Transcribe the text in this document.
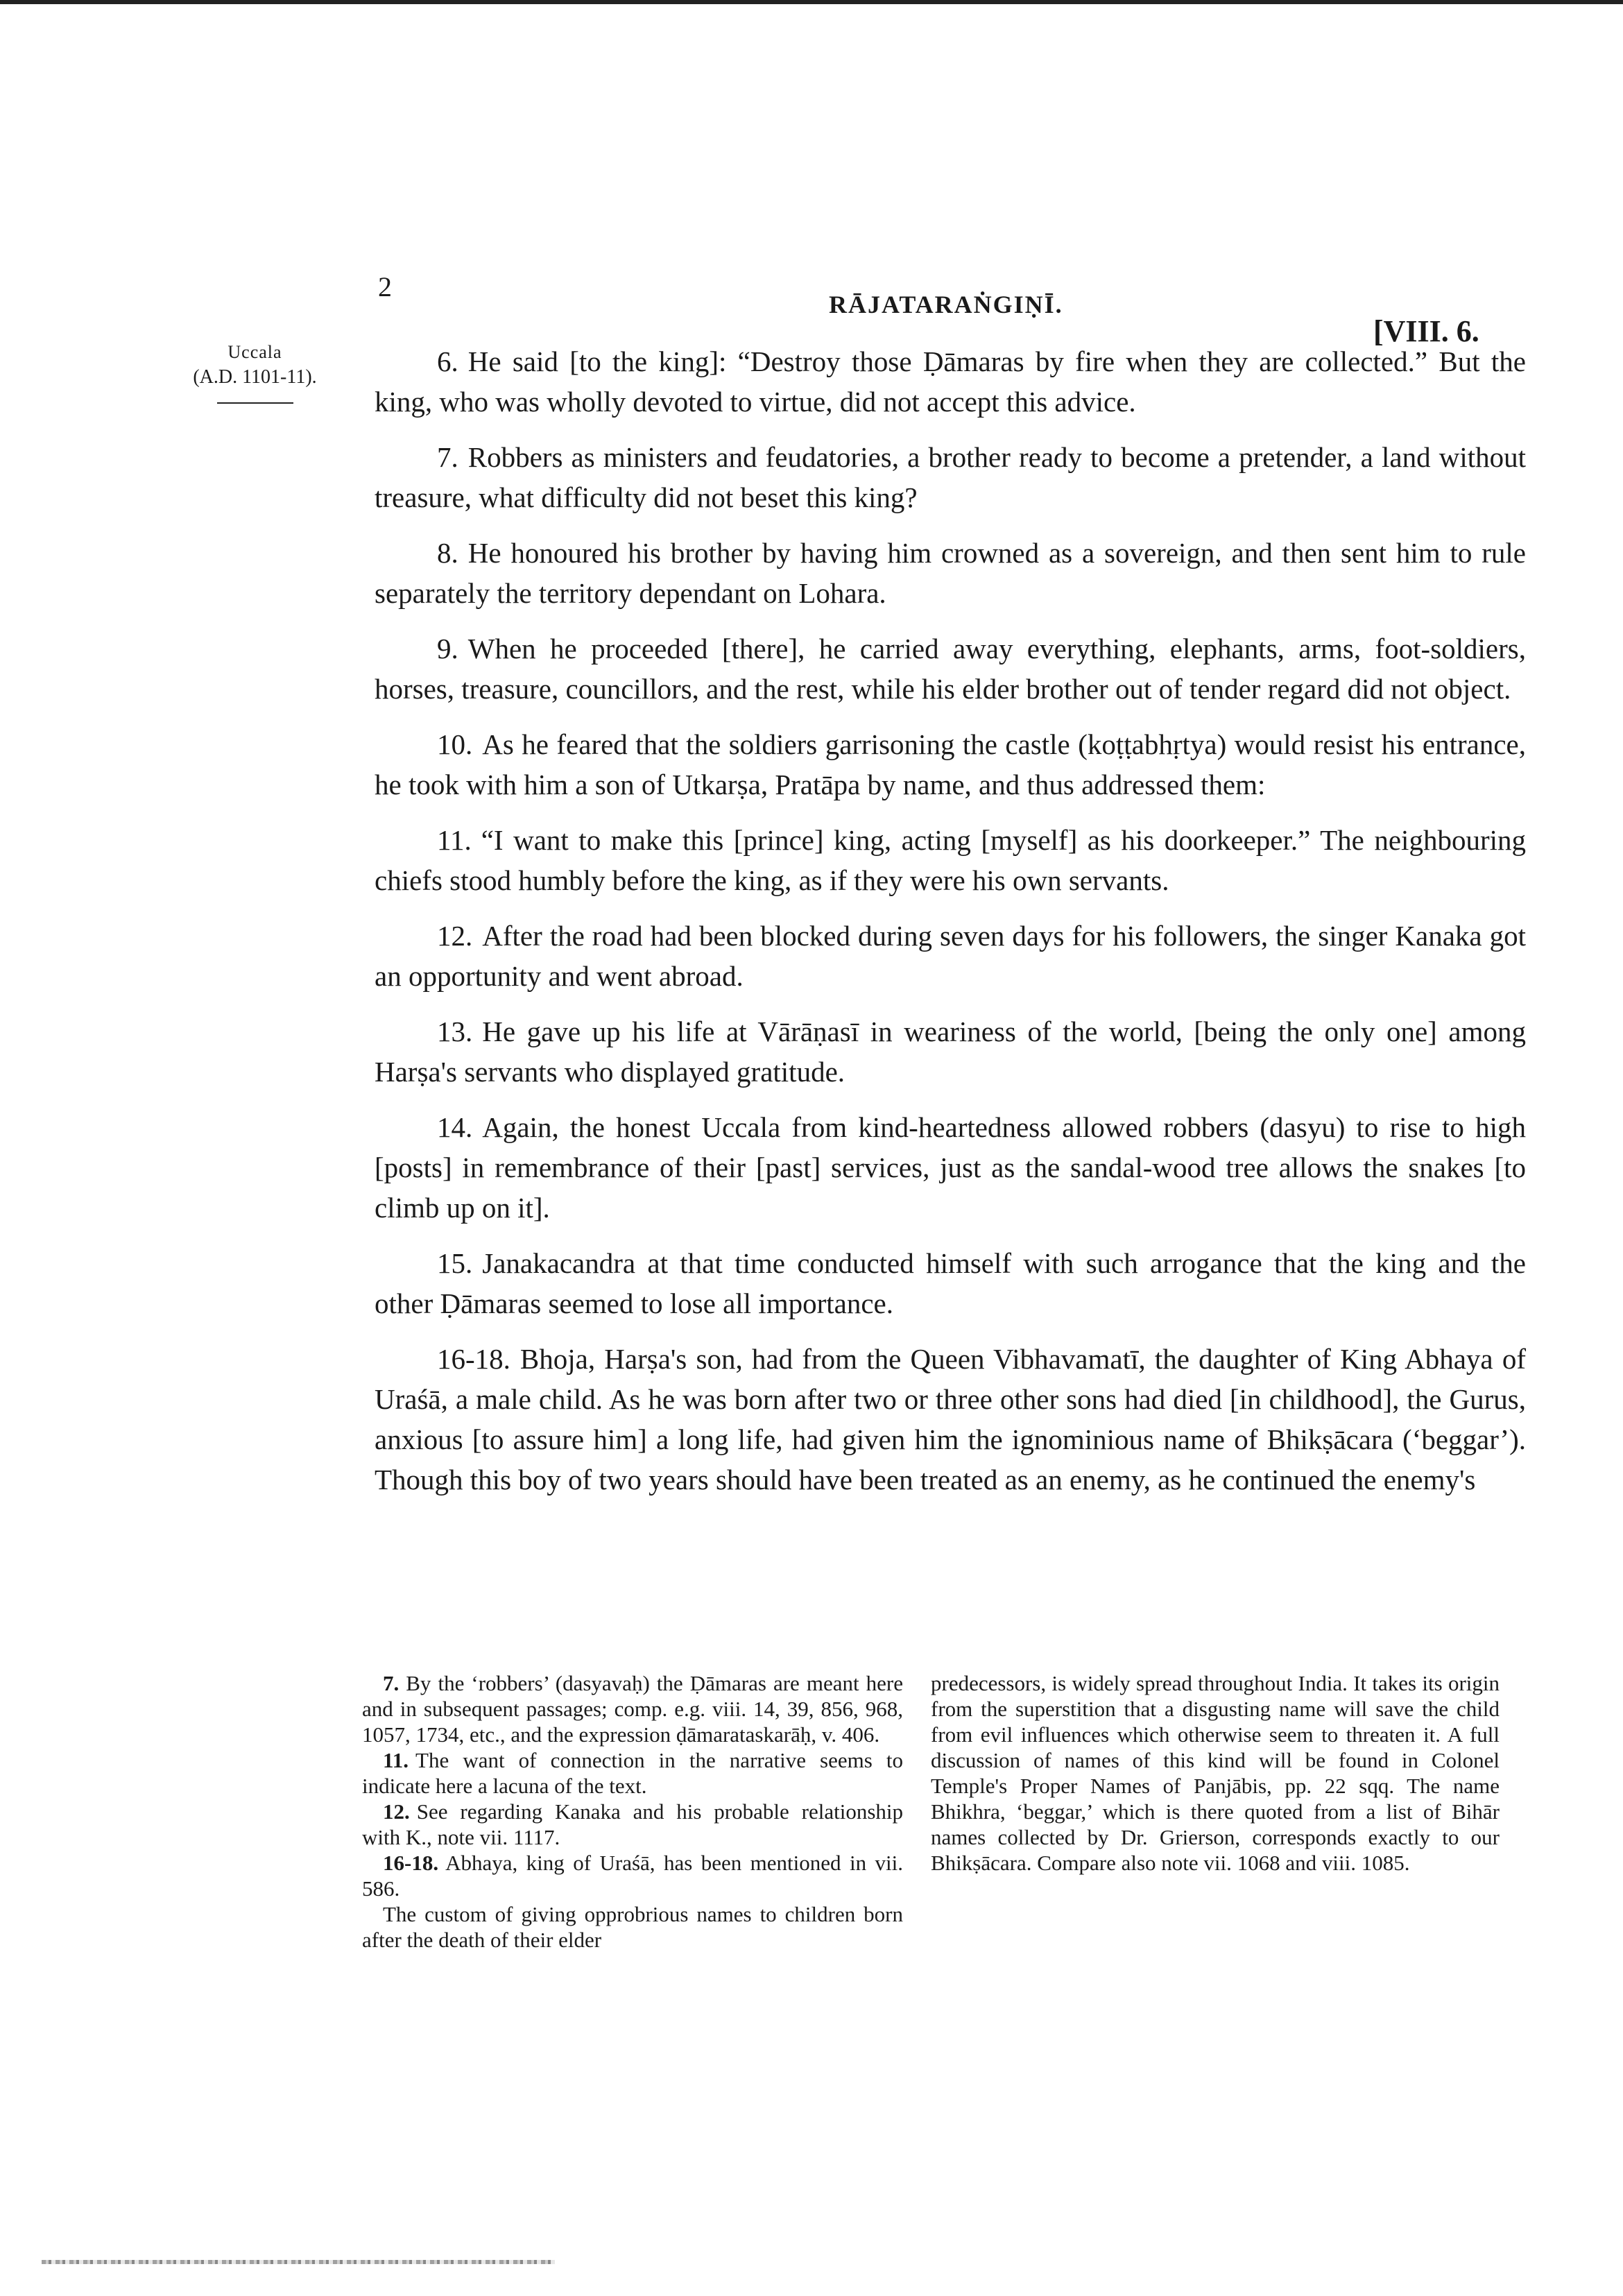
2
RĀJATARAṄGIṆĪ.
[VIII. 6.
Uccala
(A.D. 1101-11).	6. He said [to the king]: “Destroy those Ḍāmaras by fire when they are collected.” But the king, who was wholly devoted to virtue, did not accept this advice.

7. Robbers as ministers and feudatories, a brother ready to become a pretender, a land without treasure, what difficulty did not beset this king?

8. He honoured his brother by having him crowned as a sovereign, and then sent him to rule separately the territory dependant on Lohara.

9. When he proceeded [there], he carried away everything, elephants, arms, foot-soldiers, horses, treasure, councillors, and the rest, while his elder brother out of tender regard did not object.

10. As he feared that the soldiers garrisoning the castle (koṭṭabhṛtya) would resist his entrance, he took with him a son of Utkarṣa, Pratāpa by name, and thus addressed them:

11. “I want to make this [prince] king, acting [myself] as his doorkeeper.” The neighbouring chiefs stood humbly before the king, as if they were his own servants.

12. After the road had been blocked during seven days for his followers, the singer Kanaka got an opportunity and went abroad.

13. He gave up his life at Vārāṇasī in weariness of the world, [being the only one] among Harṣa's servants who displayed gratitude.

14. Again, the honest Uccala from kind-heartedness allowed robbers (dasyu) to rise to high [posts] in remembrance of their [past] services, just as the sandal-wood tree allows the snakes [to climb up on it].

15. Janakacandra at that time conducted himself with such arrogance that the king and the other Ḍāmaras seemed to lose all importance.

16-18. Bhoja, Harṣa's son, had from the Queen Vibhavamatī, the daughter of King Abhaya of Uraśā, a male child. As he was born after two or three other sons had died [in childhood], the Gurus, anxious [to assure him] a long life, had given him the ignominious name of Bhikṣācara (‘beggar’). Though this boy of two years should have been treated as an enemy, as he continued the enemy's

7. By the ‘robbers’ (dasyavaḥ) the Ḍāmaras are meant here and in subsequent passages; comp. e.g. viii. 14, 39, 856, 968, 1057, 1734, etc., and the expression ḍāmarataskarāḥ, v. 406.

11. The want of connection in the narrative seems to indicate here a lacuna of the text.

12. See regarding Kanaka and his probable relationship with K., note vii. 1117.

16-18. Abhaya, king of Uraśā, has been mentioned in vii. 586.

The custom of giving opprobrious names to children born after the death of their elder

predecessors, is widely spread throughout India. It takes its origin from the superstition that a disgusting name will save the child from evil influences which otherwise seem to threaten it. A full discussion of names of this kind will be found in Colonel Temple's Proper Names of Panjābis, pp. 22 sqq. The name Bhikhra, ‘beggar,’ which is there quoted from a list of Bihār names collected by Dr. Grierson, corresponds exactly to our Bhikṣācara. Compare also note vii. 1068 and viii. 1085.
